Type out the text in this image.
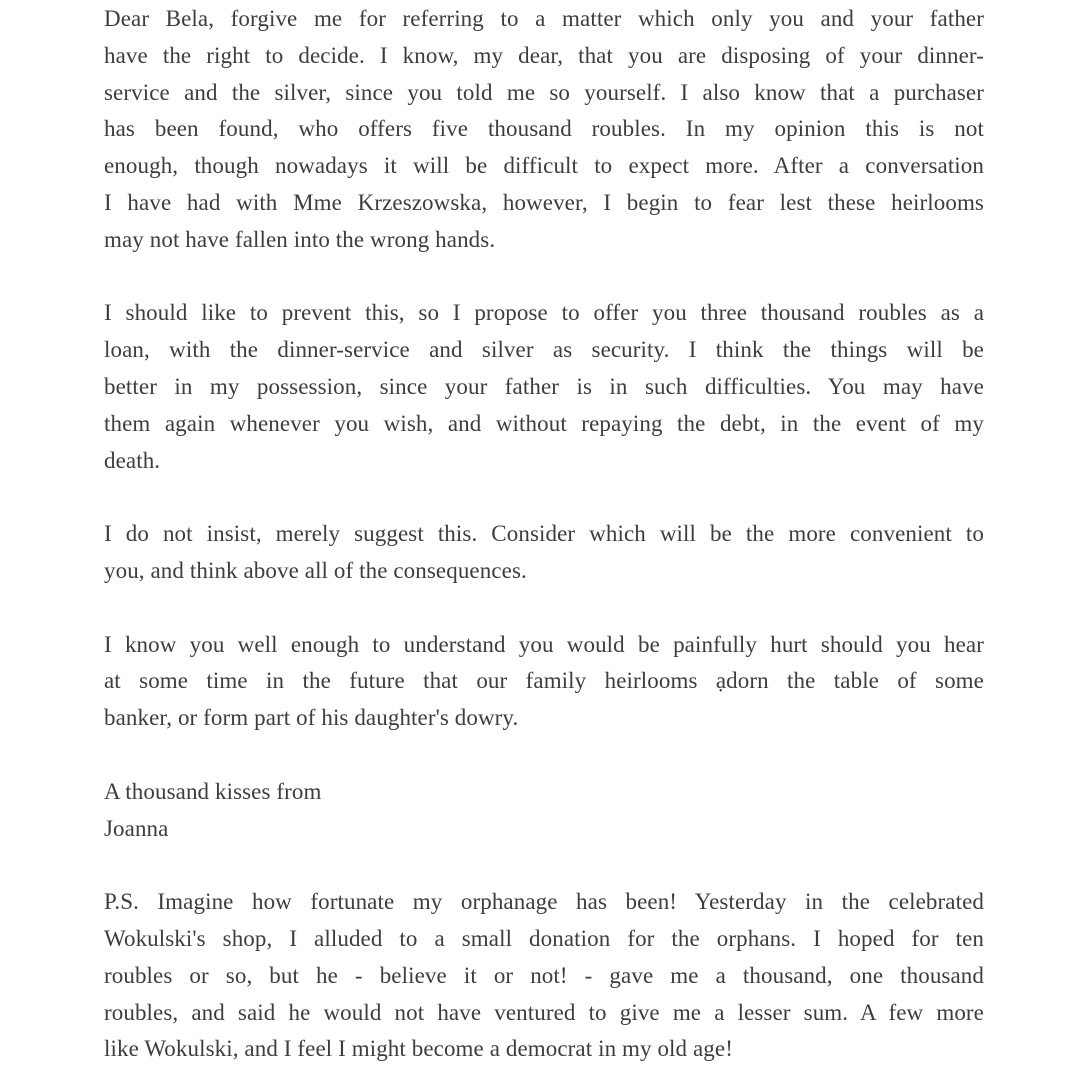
Dear Bela, forgive me for referring to a matter which only you and your father
have the right to decide. I know, my dear, that you are disposing of your dinner-
service and the silver, since you told me so yourself. I also know that a purchaser
has been found, who offers five thousand roubles. In my opinion this is not
enough, though nowadays it will be difficult to expect more. After a conversation
I have had with Mme Krzeszowska, however, I begin to fear lest these heirlooms
may not have fallen into the wrong hands.
I should like to prevent this, so I propose to offer you three thousand roubles as a
loan, with the dinner-service and silver as security. I think the things will be
better in my possession, since your father is in such difficulties. You may have
them again whenever you wish, and without repaying the debt, in the event of my
death.
I do not insist, merely suggest this. Consider which will be the more convenient to
you, and think above all of the consequences.
I know you well enough to understand you would be painfully hurt should you hear
at some time in the future that our family heirlooms ạdorn the table of some
banker, or form part of his daughter's dowry.
A thousand kisses from
Joanna
P.S. Imagine how fortunate my orphanage has been! Yesterday in the celebrated
Wokulski's shop, I alluded to a small donation for the orphans. I hoped for ten
roubles or so, but he - believe it or not! - gave me a thousand, one thousand
roubles, and said he would not have ventured to give me a lesser sum. A few more
like Wokulski, and I feel I might become a democrat in my old age!
